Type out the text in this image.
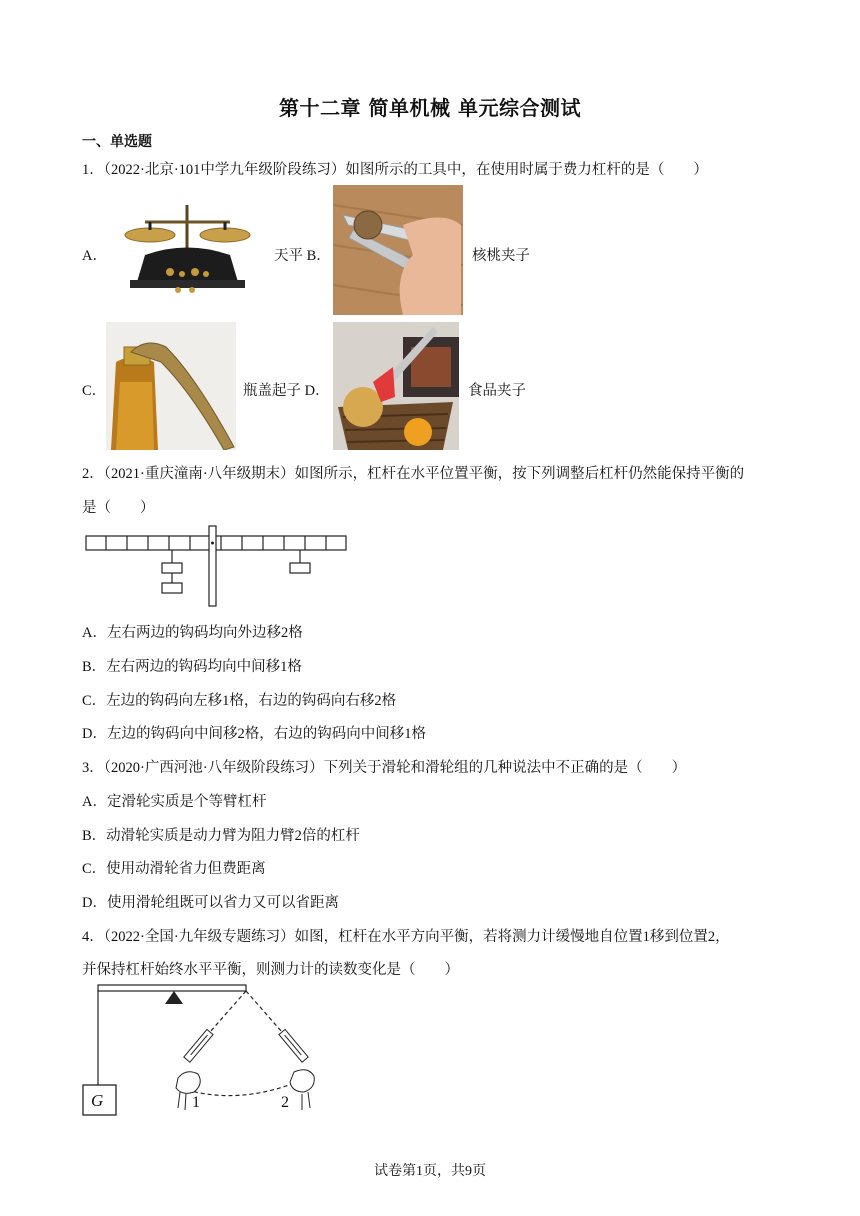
第十二章 简单机械 单元综合测试
一、单选题
1．（2022·北京·101中学九年级阶段练习）如图所示的工具中，在使用时属于费力杠杆的是（　　）
A．	天平 B．	核桃夹子
C．	瓶盖起子 D．	食品夹子
2．（2021·重庆潼南·八年级期末）如图所示，杠杆在水平位置平衡，按下列调整后杠杆仍然能保持平衡的
是（　　）
A．左右两边的钩码均向外边移2格
B．左右两边的钩码均向中间移1格
C．左边的钩码向左移1格，右边的钩码向右移2格
D．左边的钩码向中间移2格，右边的钩码向中间移1格
3．（2020·广西河池·八年级阶段练习）下列关于滑轮和滑轮组的几种说法中不正确的是（　　）
A．定滑轮实质是个等臂杠杆
B．动滑轮实质是动力臂为阻力臂2倍的杠杆
C．使用动滑轮省力但费距离
D．使用滑轮组既可以省力又可以省距离
4．（2022·全国·九年级专题练习）如图，杠杆在水平方向平衡，若将测力计缓慢地自位置1移到位置2，
并保持杠杆始终水平平衡，则测力计的读数变化是（　　）
G	1	2
试卷第1页，共9页
